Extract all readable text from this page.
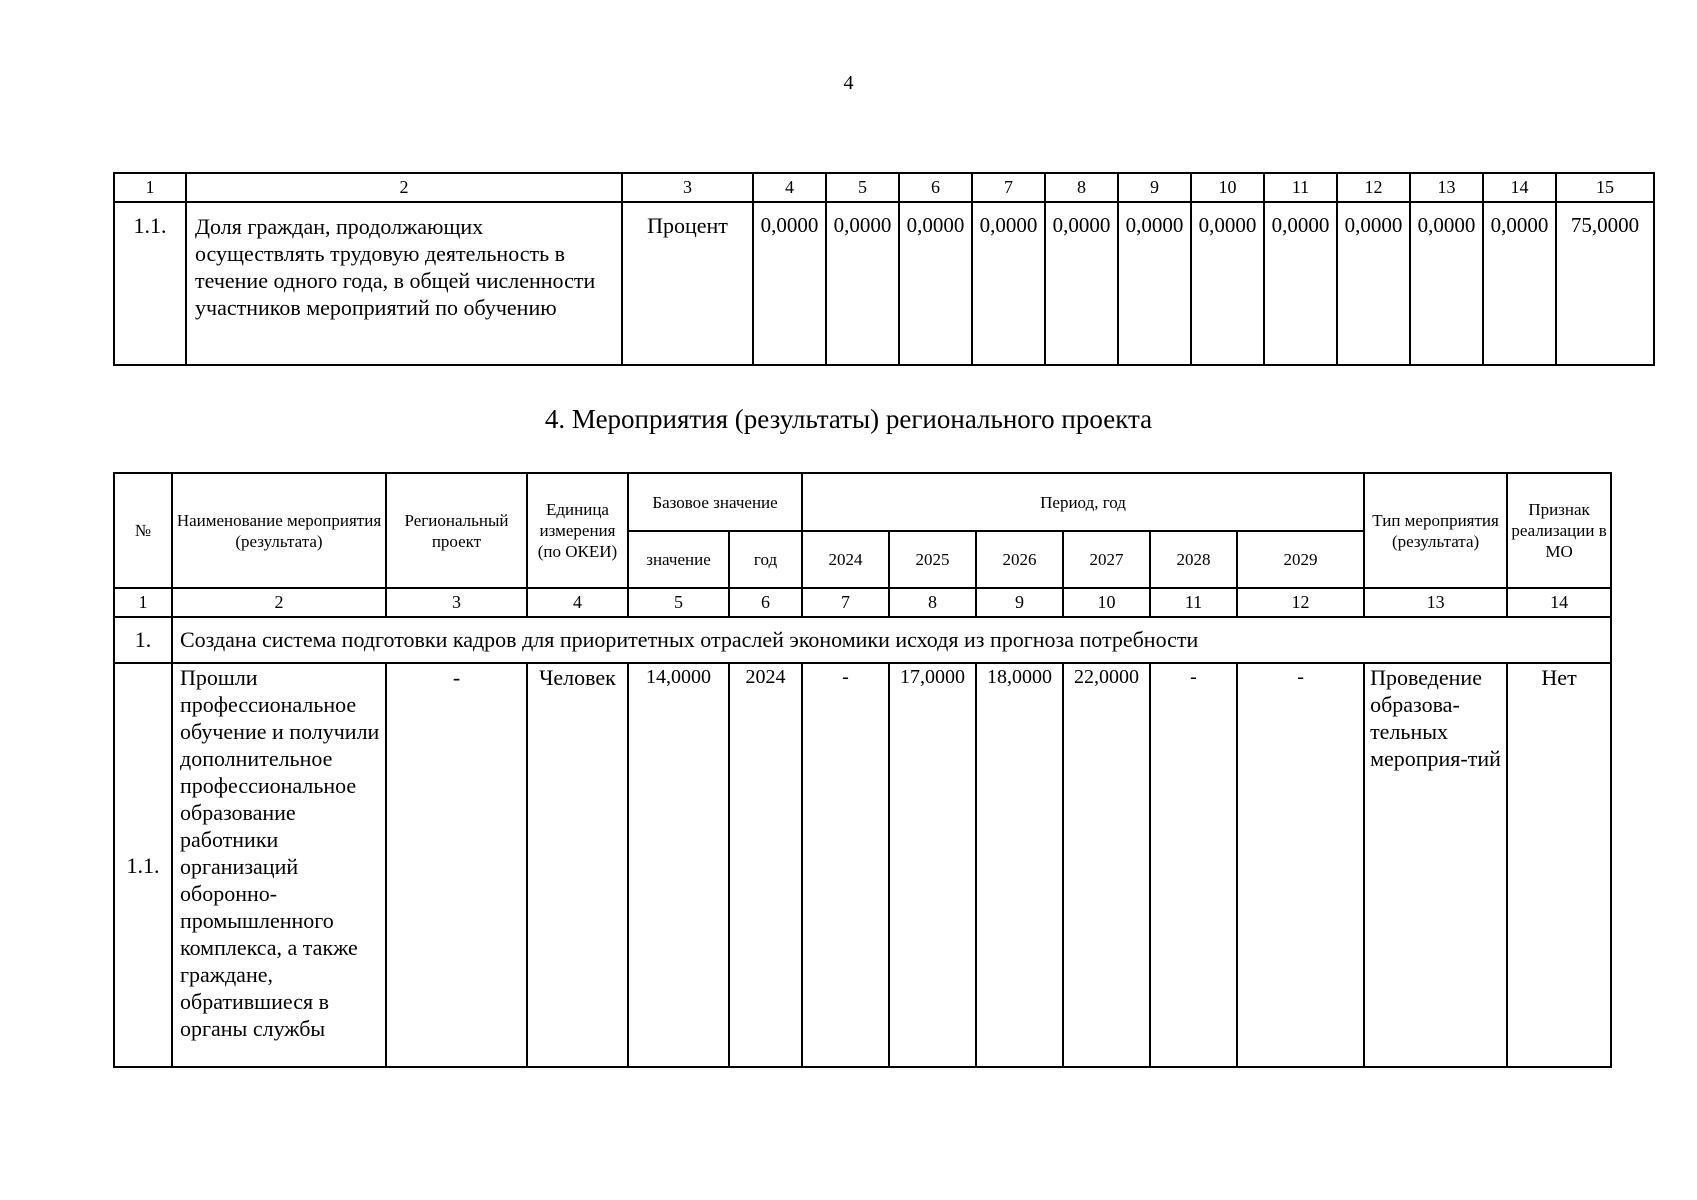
4
1	2	3	4	5	6	7	8	9	10	11	12	13	14	15
1.1.	Доля граждан, продолжающих осуществлять трудовую деятельность в течение одного года, в общей численности участников мероприятий по обучению	Процент	0,0000	0,0000	0,0000	0,0000	0,0000	0,0000	0,0000	0,0000	0,0000	0,0000	0,0000	75,0000
4. Мероприятия (результаты) регионального проекта
№	Наименование мероприятия (результата)	Региональный проект	Единица измерения (по ОКЕИ)	Базовое значение		Период, год						Тип мероприятия (результата)	Признак реализации в МО
				значение	год	2024	2025	2026	2027	2028	2029		
1	2	3	4	5	6	7	8	9	10	11	12	13	14
1.	Создана система подготовки кадров для приоритетных отраслей экономики исходя из прогноза потребности												
1.1.	Прошли профессиональное обучение и получили дополнительное профессиональное образование работники организаций оборонно-промышленного комплекса, а также граждане, обратившиеся в органы службы	-	Человек	14,0000	2024	-	17,0000	18,0000	22,0000	-	-	Проведение образова-тельных мероприя-тий	Нет
